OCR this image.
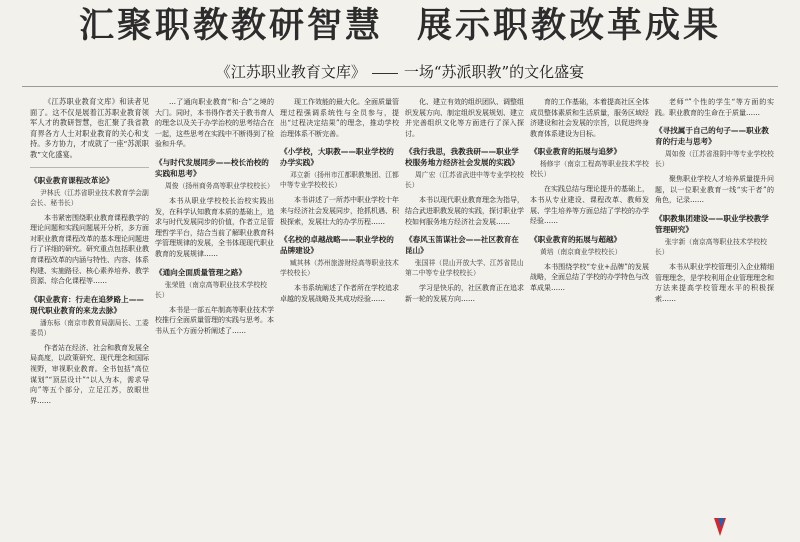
汇聚职教教研智慧 展示职教改革成果
《江苏职业教育文库》	一场“苏派职教”的文化盛宴

《江苏职业教育文库》和读者见面了。这不仅是展着江苏职业教育领军人才的教研智慧，也汇聚了我省教育界各方人士对职业教育的关心和支持。多方协力，才成就了一座“苏派职教”文化盛宴。

《职业教育课程改革论》
尹林氏（江苏省职业技术教育学会副会长、秘书长）

本书紧密围绕职业教育课程教学的理论问题和实践问题展开分析，多方面对职业教育课程改革的基本理论问题进行了详细的研究。研究重点包括职业教育课程改革的内涵与特性、内容、体系构建、实施路径、核心素养培养、教学资源、综合化课程等……

《职业教育：行走在追梦路上——现代职业教育的来龙去脉》
潘东标（南京市教育局副局长、工委委员）

作者站在经济、社会和教育发展全局高度，以政策研究、现代理念和国际视野，审视职业教育。全书包括“高位谋划”“顶层设计”“以人为本，需求导向”等五个部分，立足江苏，放眼世界……

…了通向职业教育“和·合”之境的大门。同时，本书得作者关于教书育人的理念以及关于办学治校的思考结合在一起，这些思考在实践中不断得到了检验和升华。

《与时代发展同步——校长治校的实践和思考》
周俊（扬州商务高等职业学校校长）

本书从职业学校校长治校实践出发，在科学认知教育本质的基础上，追求与时代发展同步的价值，作者立足管理哲学平台，结合当前了解职业教育科学管理规律的发展，全书体现现代职业教育的发展规律……

《通向全面质量管理之路》
张荣胜（南京高等职业技术学校校长）

本书是一部五年制高等职业技术学校推行全面质量管理的实践与思考。本书从五个方面分析阐述了……

现工作效能的最大化。全面质量管理过程强调系统性与全员参与，提出“过程决定结果”的理念，推动学校治理体系不断完善。

《小学校，大职教——职业学校的办学实践》
邓立新（扬州市江都职教集团、江都中等专业学校校长）

本书讲述了一所苏中职业学校十年来与经济社会发展同步，抢抓机遇、积极探索，发展壮大的办学历程……

《名校的卓越战略——职业学校的品牌建设》
臧其林（苏州旅游财经高等职业技术学校校长）

本书系统阐述了作者所在学校追求卓越的发展战略及其成功经验……

化、建立有效的组织团队、调整组织发展方向、制定组织发展规划、建立并完善组织文化等方面进行了深入探讨。

《我行我思，我教我研——职业学校服务地方经济社会发展的实践》
周广宏（江苏省武进中等专业学校校长）

本书以现代职业教育理念为指导，结合武进职教发展的实践，探讨职业学校如何服务地方经济社会发展……

《春风玉笛谋社会——社区教育在昆山》
张国祥（昆山开放大学、江苏省昆山第二中等专业学校校长）

学习是快乐的，社区教育正在追求新一轮的发展方向……

育的工作基础，本着提高社区全体成员整体素质和生活质量，服务区域经济建设和社会发展的宗旨，以促进终身教育体系建设为目标。

《职业教育的拓展与追梦》
杨修宇（南京工程高等职业技术学校校长）

在实践总结与理论提升的基础上，本书从专业建设、课程改革、教师发展、学生培养等方面总结了学校的办学经验……

《职业教育的拓展与超越》
黄培（南京商业学校校长）

本书围绕学校“专业+品牌”的发展战略，全面总结了学校的办学特色与改革成果……

老师“”个性的学生“等方面的实践。职业教育的生命在于质量……

《寻找属于自己的句子——职业教育的行走与思考》
周如俊（江苏省淮阴中等专业学校校长）

聚焦职业学校人才培养质量提升问题，以一位职业教育一线“实干者”的角色，记录……

《职教集团建设——职业学校教学管理研究》
张宇新（南京高等职业技术学校校长）

本书从职业学校管理引入企业精细管理理念，是学校利用企业管理理念和方法来提高学校管理水平的积极探索……
